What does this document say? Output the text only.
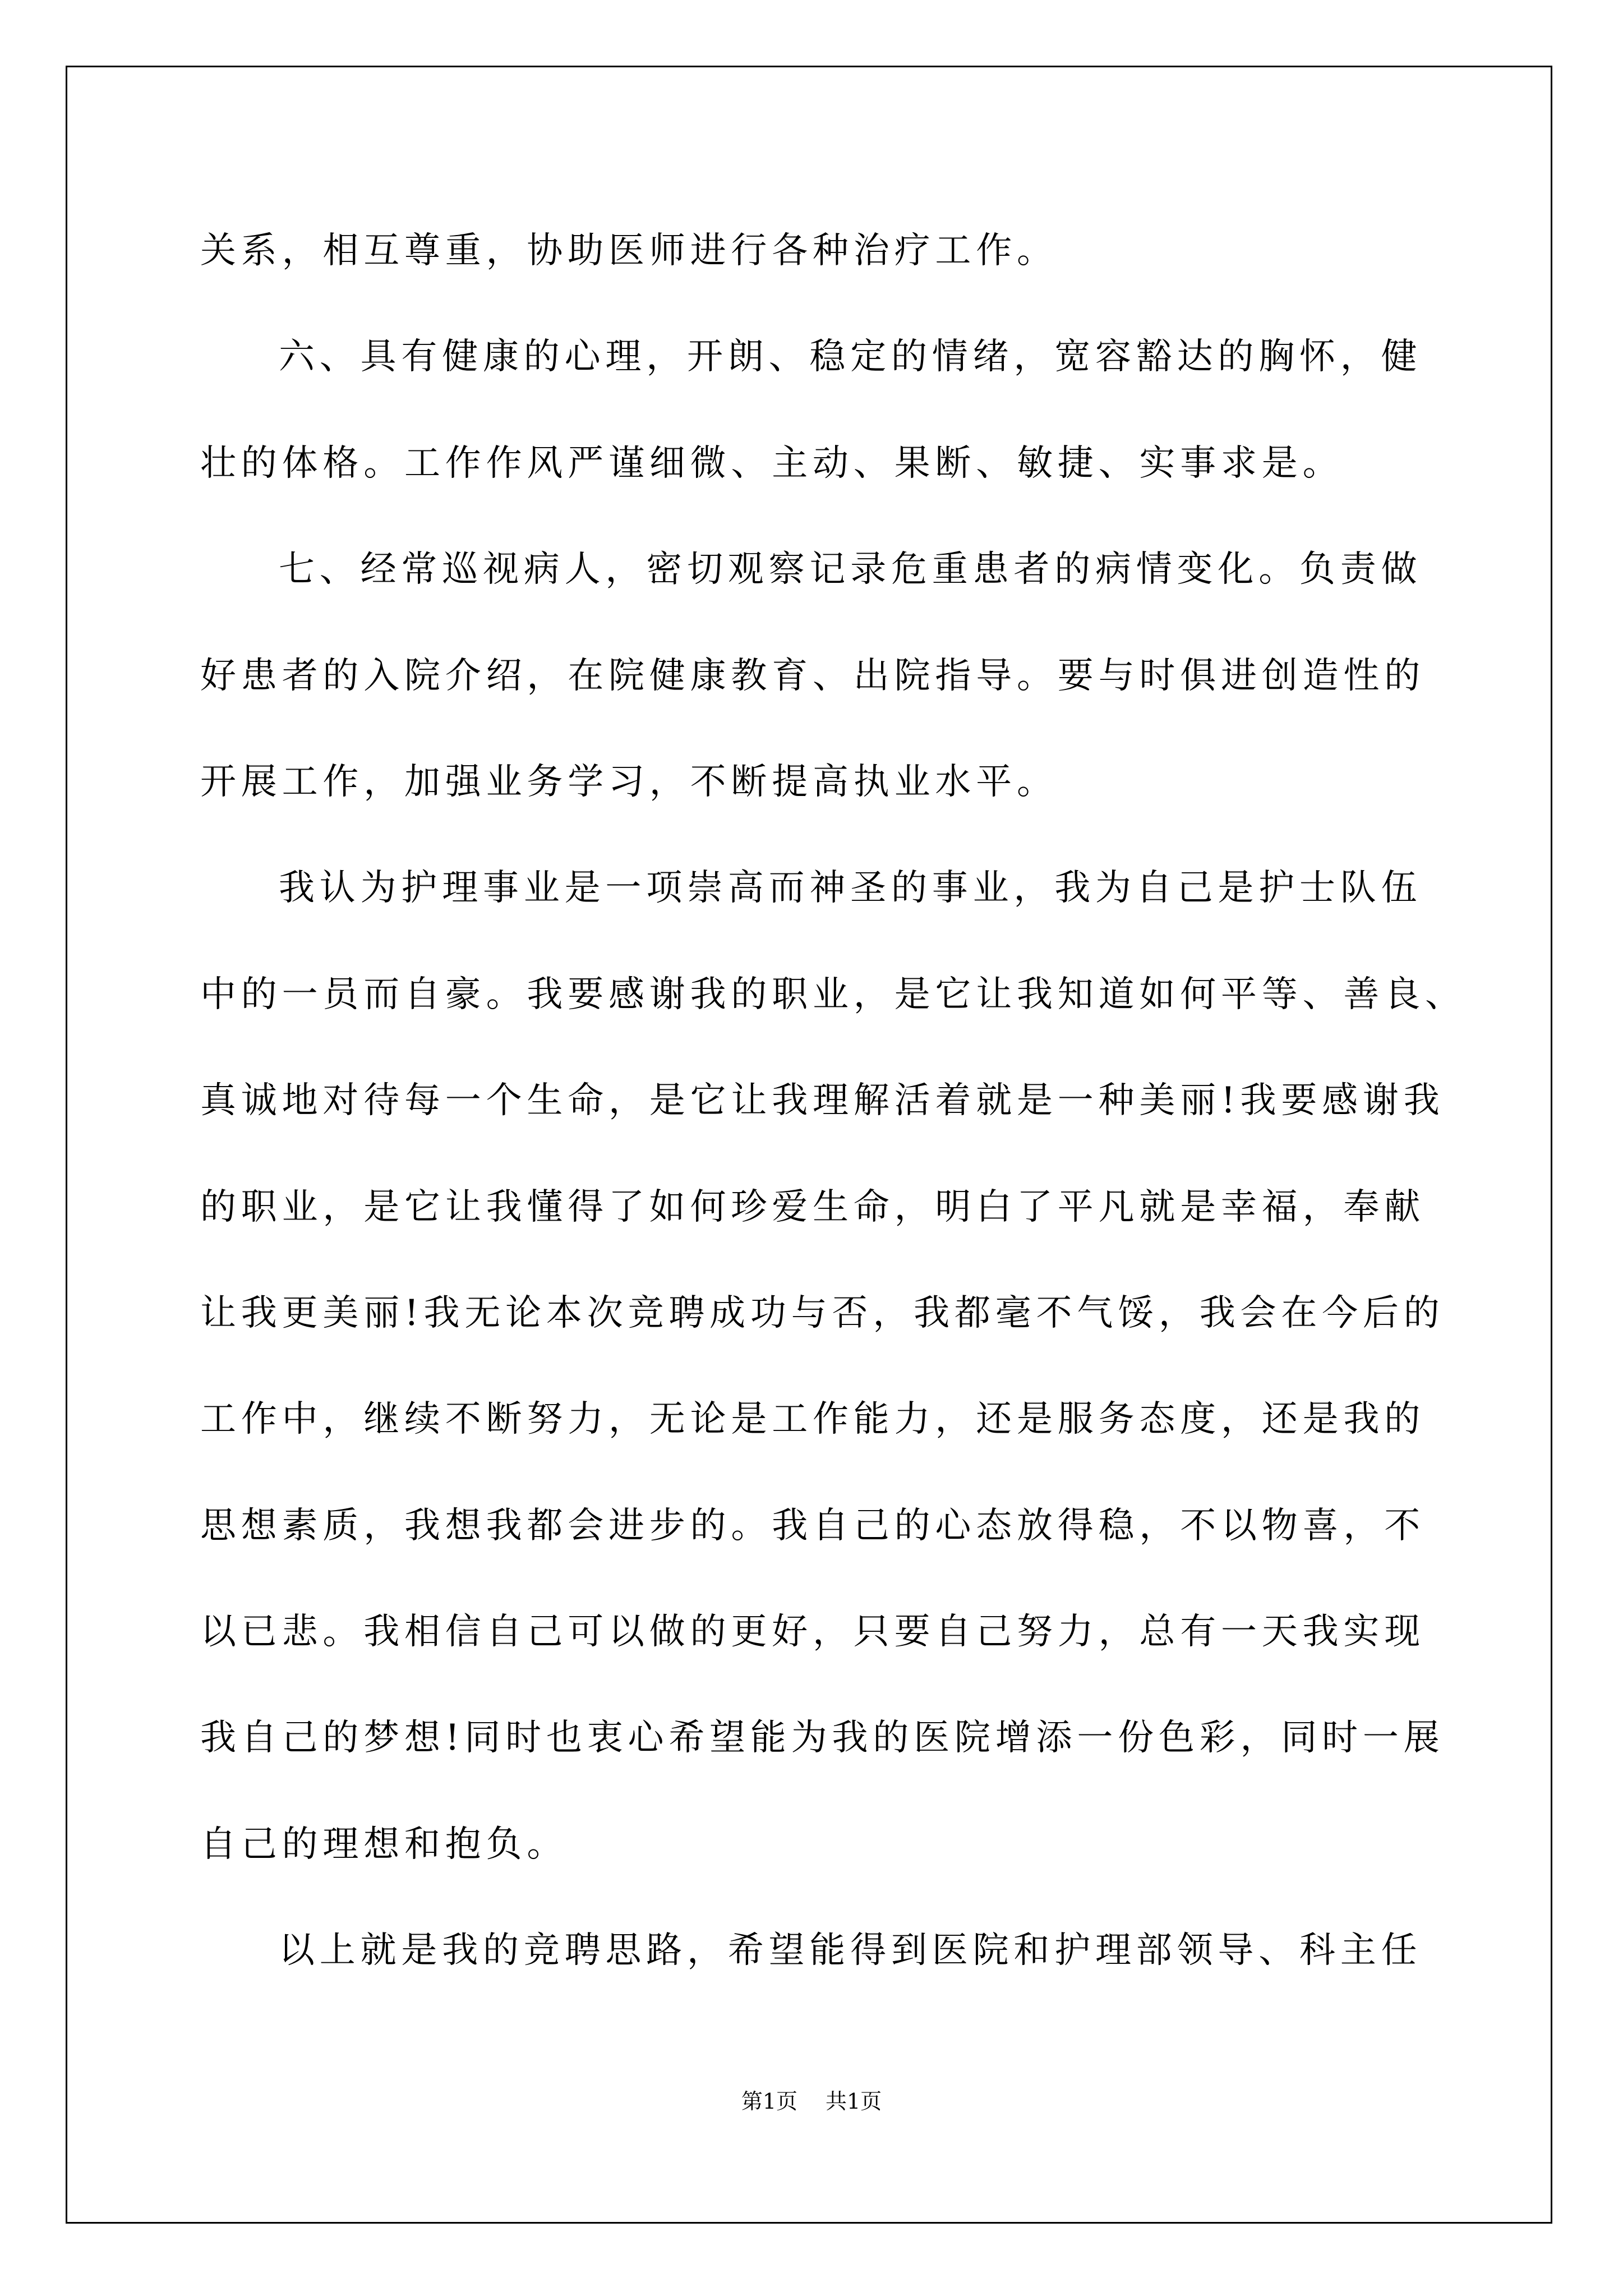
关系，相互尊重，协助医师进行各种治疗工作。
六、具有健康的心理，开朗、稳定的情绪，宽容豁达的胸怀，健
壮的体格。工作作风严谨细微、主动、果断、敏捷、实事求是。
七、经常巡视病人，密切观察记录危重患者的病情变化。负责做
好患者的入院介绍，在院健康教育、出院指导。要与时俱进创造性的
开展工作，加强业务学习，不断提高执业水平。
我认为护理事业是一项崇高而神圣的事业，我为自己是护士队伍
中的一员而自豪。我要感谢我的职业，是它让我知道如何平等、善良、
真诚地对待每一个生命，是它让我理解活着就是一种美丽!我要感谢我
的职业，是它让我懂得了如何珍爱生命，明白了平凡就是幸福，奉献
让我更美丽!我无论本次竞聘成功与否，我都毫不气馁，我会在今后的
工作中，继续不断努力，无论是工作能力，还是服务态度，还是我的
思想素质，我想我都会进步的。我自己的心态放得稳，不以物喜，不
以已悲。我相信自己可以做的更好，只要自己努力，总有一天我实现
我自己的梦想!同时也衷心希望能为我的医院增添一份色彩，同时一展
自己的理想和抱负。
以上就是我的竞聘思路，希望能得到医院和护理部领导、科主任
第1页 共1页
